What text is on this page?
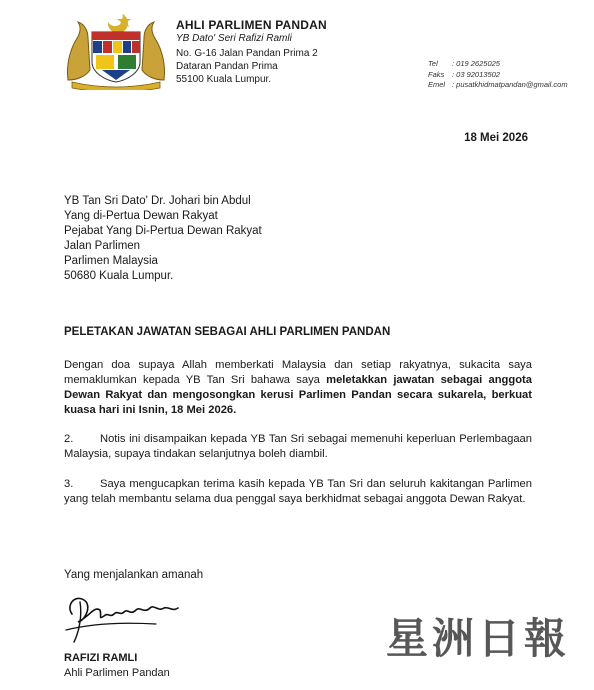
AHLI PARLIMEN PANDAN
YB Dato' Seri Rafizi Ramli
No. G-16 Jalan Pandan Prima 2
Dataran Pandan Prima
55100 Kuala Lumpur.
Tel : 019 2625025
Faks : 03 92013502
Emel : pusatkhidmatpandan@gmail.com
18 Mei 2026
YB Tan Sri Dato' Dr. Johari bin Abdul
Yang di-Pertua Dewan Rakyat
Pejabat Yang Di-Pertua Dewan Rakyat
Jalan Parlimen
Parlimen Malaysia
50680 Kuala Lumpur.
PELETAKAN JAWATAN SEBAGAI AHLI PARLIMEN PANDAN
Dengan doa supaya Allah memberkati Malaysia dan setiap rakyatnya, sukacita saya memaklumkan kepada YB Tan Sri bahawa saya meletakkan jawatan sebagai anggota Dewan Rakyat dan mengosongkan kerusi Parlimen Pandan secara sukarela, berkuat kuasa hari ini Isnin, 18 Mei 2026.
2. Notis ini disampaikan kepada YB Tan Sri sebagai memenuhi keperluan Perlembagaan Malaysia, supaya tindakan selanjutnya boleh diambil.
3. Saya mengucapkan terima kasih kepada YB Tan Sri dan seluruh kakitangan Parlimen yang telah membantu selama dua penggal saya berkhidmat sebagai anggota Dewan Rakyat.
Yang menjalankan amanah
RAFIZI RAMLI
Ahli Parlimen Pandan
星洲日報
